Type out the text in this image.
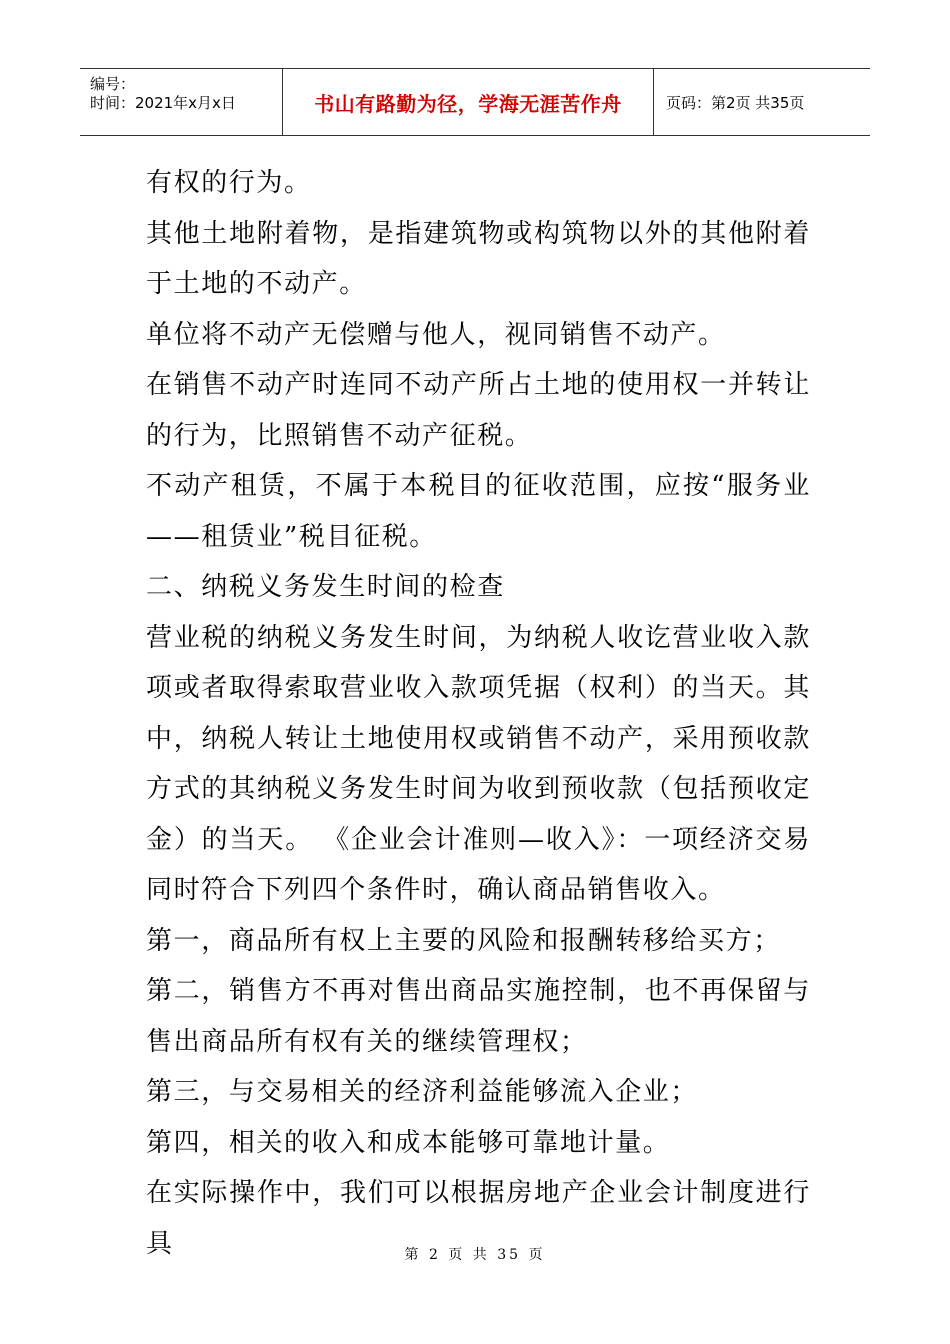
编号：
时间：2021年x月x日	书山有路勤为径，学海无涯苦作舟	页码：第2页 共35页

有权的行为。

其他土地附着物，是指建筑物或构筑物以外的其他附着于土地的不动产。

单位将不动产无偿赠与他人，视同销售不动产。

在销售不动产时连同不动产所占土地的使用权一并转让的行为，比照销售不动产征税。

不动产租赁，不属于本税目的征收范围，应按“服务业——租赁业”税目征税。

二、纳税义务发生时间的检查

营业税的纳税义务发生时间，为纳税人收讫营业收入款项或者取得索取营业收入款项凭据（权利）的当天。其中，纳税人转让土地使用权或销售不动产，采用预收款方式的其纳税义务发生时间为收到预收款（包括预收定金）的当天。 《企业会计准则—收入》：一项经济交易同时符合下列四个条件时，确认商品销售收入。

第一，商品所有权上主要的风险和报酬转移给买方；

第二，销售方不再对售出商品实施控制，也不再保留与售出商品所有权有关的继续管理权；

第三，与交易相关的经济利益能够流入企业；

第四，相关的收入和成本能够可靠地计量。

在实际操作中，我们可以根据房地产企业会计制度进行具	第 2 页 共 35 页
